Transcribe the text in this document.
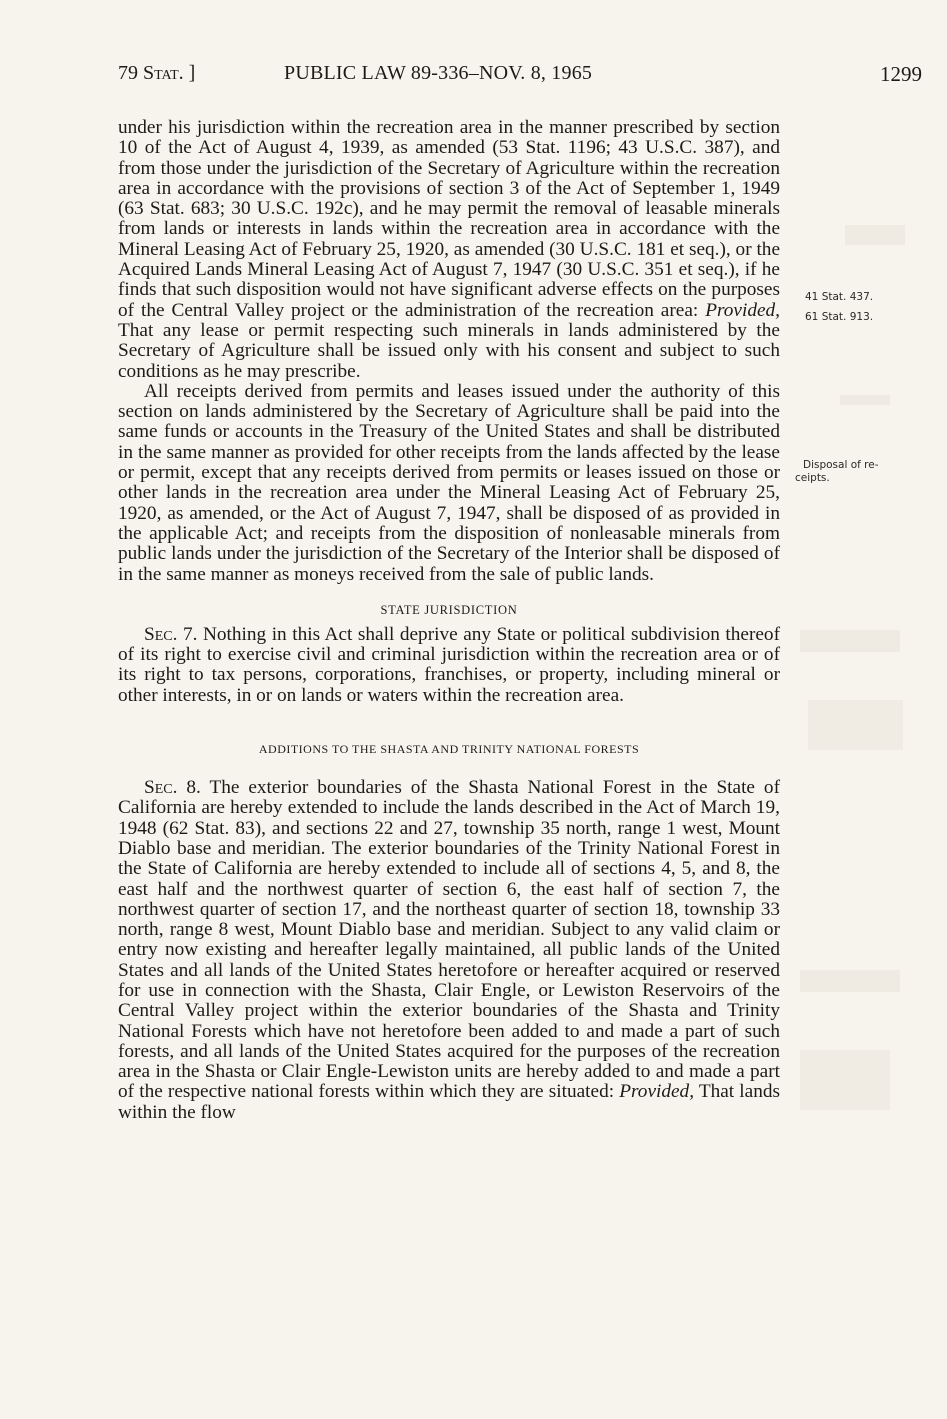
79 Stat. ]	PUBLIC LAW 89-336–NOV. 8, 1965	1299

under his jurisdiction within the recreation area in the manner prescribed by section 10 of the Act of August 4, 1939, as amended (53 Stat. 1196; 43 U.S.C. 387), and from those under the jurisdiction of the Secretary of Agriculture within the recreation area in accordance with the provisions of section 3 of the Act of September 1, 1949 (63 Stat. 683; 30 U.S.C. 192c), and he may permit the removal of leasable minerals from lands or interests in lands within the recreation area in accordance with the Mineral Leasing Act of February 25, 1920, as amended (30 U.S.C. 181 et seq.), or the Acquired Lands Mineral Leasing Act of August 7, 1947 (30 U.S.C. 351 et seq.), if he finds that such disposition would not have significant adverse effects on the purposes of the Central Valley project or the administration of the recreation area: Provided, That any lease or permit respecting such minerals in lands administered by the Secretary of Agriculture shall be issued only with his consent and subject to such conditions as he may prescribe.

All receipts derived from permits and leases issued under the authority of this section on lands administered by the Secretary of Agriculture shall be paid into the same funds or accounts in the Treasury of the United States and shall be distributed in the same manner as provided for other receipts from the lands affected by the lease or permit, except that any receipts derived from permits or leases issued on those or other lands in the recreation area under the Mineral Leasing Act of February 25, 1920, as amended, or the Act of August 7, 1947, shall be disposed of as provided in the applicable Act; and receipts from the disposition of nonleasable minerals from public lands under the jurisdiction of the Secretary of the Interior shall be disposed of in the same manner as moneys received from the sale of public lands.

STATE JURISDICTION

Sec. 7. Nothing in this Act shall deprive any State or political subdivision thereof of its right to exercise civil and criminal jurisdiction within the recreation area or of its right to tax persons, corporations, franchises, or property, including mineral or other interests, in or on lands or waters within the recreation area.

ADDITIONS TO THE SHASTA AND TRINITY NATIONAL FORESTS

Sec. 8. The exterior boundaries of the Shasta National Forest in the State of California are hereby extended to include the lands described in the Act of March 19, 1948 (62 Stat. 83), and sections 22 and 27, township 35 north, range 1 west, Mount Diablo base and meridian. The exterior boundaries of the Trinity National Forest in the State of California are hereby extended to include all of sections 4, 5, and 8, the east half and the northwest quarter of section 6, the east half of section 7, the northwest quarter of section 17, and the northeast quarter of section 18, township 33 north, range 8 west, Mount Diablo base and meridian. Subject to any valid claim or entry now existing and hereafter legally maintained, all public lands of the United States and all lands of the United States heretofore or hereafter acquired or reserved for use in connection with the Shasta, Clair Engle, or Lewiston Reservoirs of the Central Valley project within the exterior boundaries of the Shasta and Trinity National Forests which have not heretofore been added to and made a part of such forests, and all lands of the United States acquired for the purposes of the recreation area in the Shasta or Clair Engle-Lewiston units are hereby added to and made a part of the respective national forests within which they are situated: Provided, That lands within the flow

41 Stat. 437.
61 Stat. 913.
Disposal of re-
ceipts.
